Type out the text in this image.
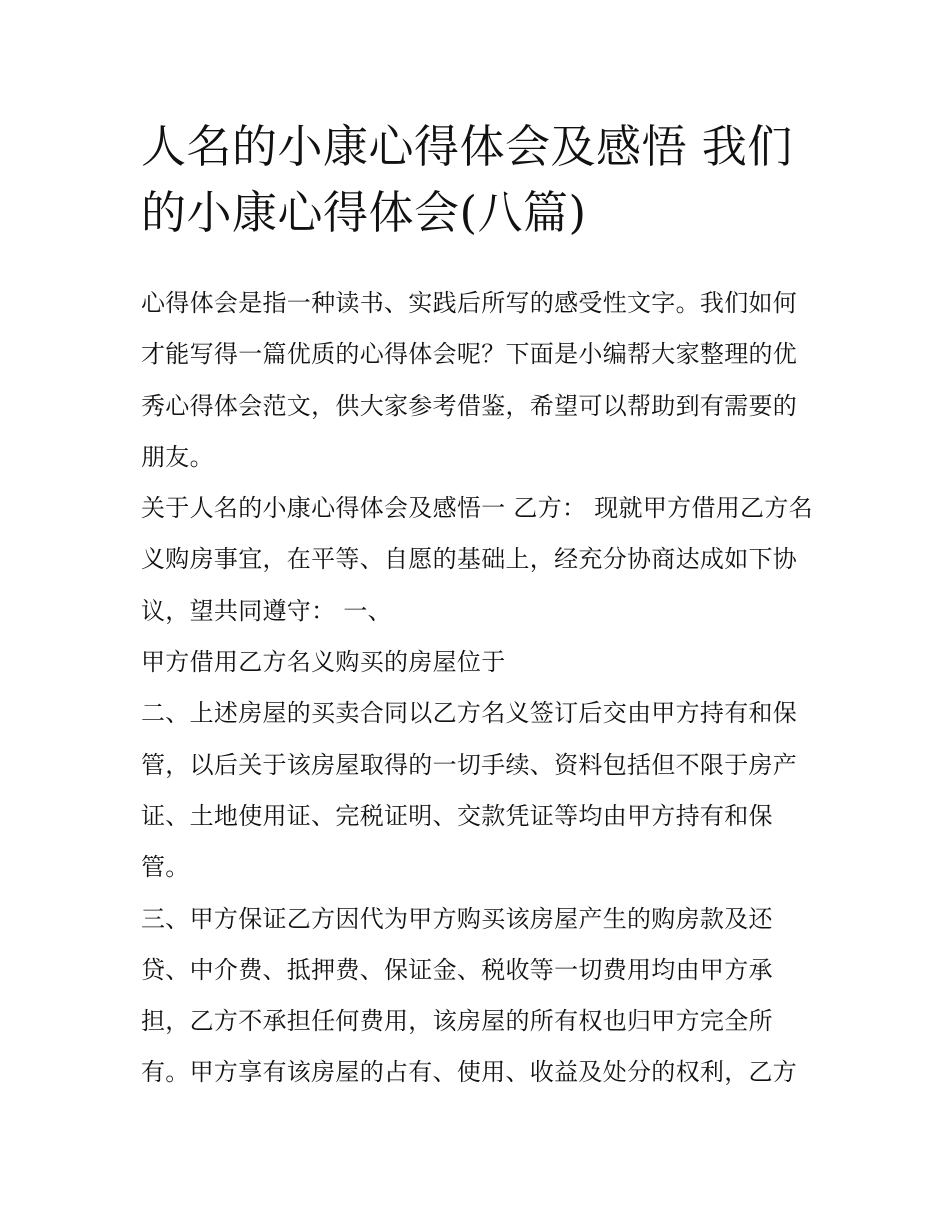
人名的小康心得体会及感悟 我们的小康心得体会(八篇)

心得体会是指一种读书、实践后所写的感受性文字。我们如何才能写得一篇优质的心得体会呢？下面是小编帮大家整理的优秀心得体会范文，供大家参考借鉴，希望可以帮助到有需要的朋友。

关于人名的小康心得体会及感悟一 乙方： 现就甲方借用乙方名义购房事宜，在平等、自愿的基础上，经充分协商达成如下协议，望共同遵守： 一、

甲方借用乙方名义购买的房屋位于

二、上述房屋的买卖合同以乙方名义签订后交由甲方持有和保管，以后关于该房屋取得的一切手续、资料包括但不限于房产证、土地使用证、完税证明、交款凭证等均由甲方持有和保管。

三、甲方保证乙方因代为甲方购买该房屋产生的购房款及还贷、中介费、抵押费、保证金、税收等一切费用均由甲方承担，乙方不承担任何费用，该房屋的所有权也归甲方完全所有。甲方享有该房屋的占有、使用、收益及处分的权利，乙方
